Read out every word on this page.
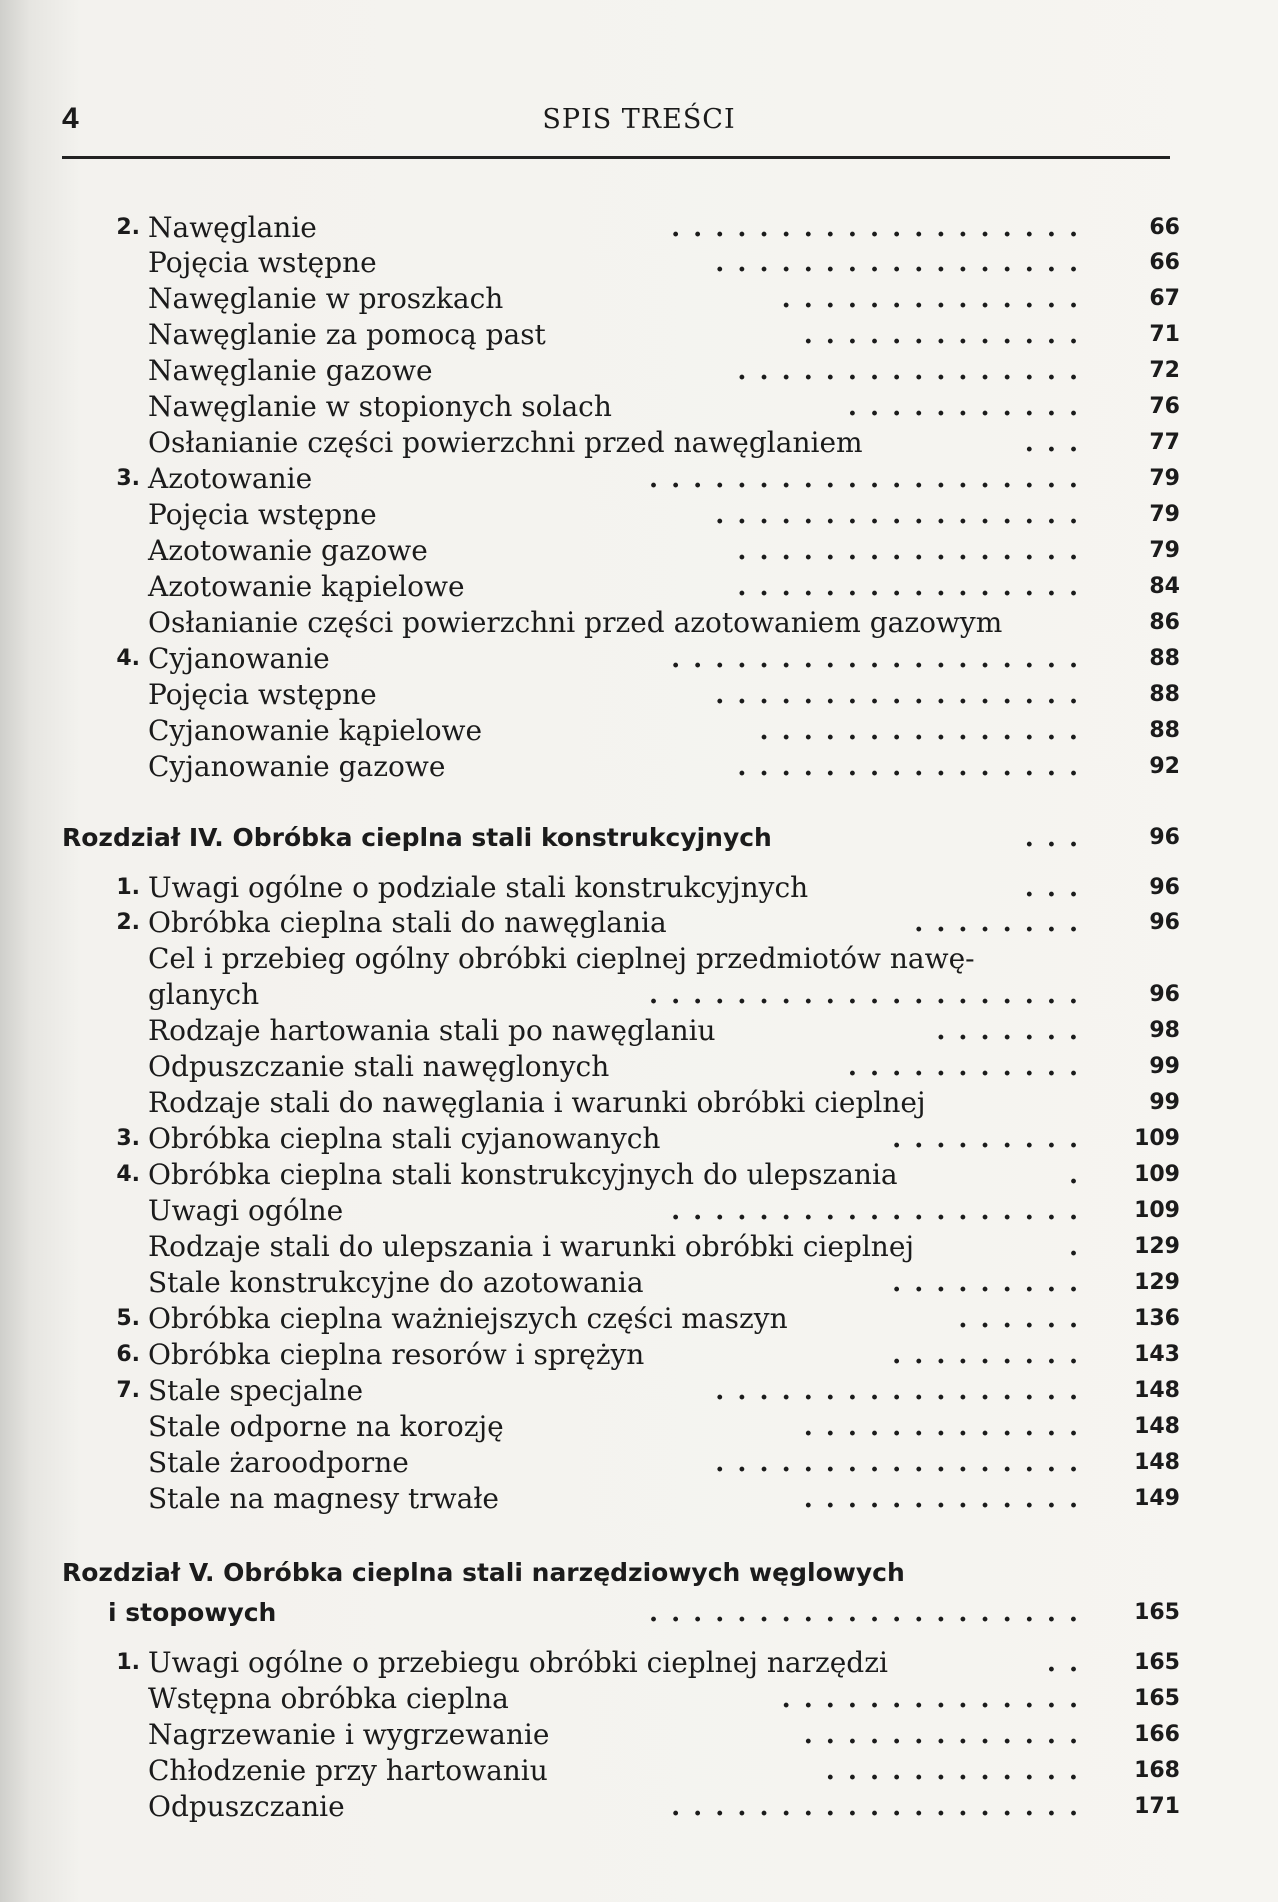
4	SPIS TREŚCI
2. Nawęglanie	. . . . . . . . . . . . . . . . . . .	66
Pojęcia wstępne	. . . . . . . . . . . . . . . . .	66
Nawęglanie w proszkach	. . . . . . . . . . . . . .	67
Nawęglanie za pomocą past	. . . . . . . . . . . . .	71
Nawęglanie gazowe	. . . . . . . . . . . . . . . .	72
Nawęglanie w stopionych solach	. . . . . . . . . . .	76
Osłanianie części powierzchni przed nawęglaniem	. . .	77
3. Azotowanie	. . . . . . . . . . . . . . . . . . . .	79
Pojęcia wstępne	. . . . . . . . . . . . . . . . .	79
Azotowanie gazowe	. . . . . . . . . . . . . . . .	79
Azotowanie kąpielowe	. . . . . . . . . . . . . . . .	84
Osłanianie części powierzchni przed azotowaniem gazowym	86
4. Cyjanowanie	. . . . . . . . . . . . . . . . . . .	88
Pojęcia wstępne	. . . . . . . . . . . . . . . . .	88
Cyjanowanie kąpielowe	. . . . . . . . . . . . . . .	88
Cyjanowanie gazowe	. . . . . . . . . . . . . . . .	92
Rozdział IV. Obróbka cieplna stali konstrukcyjnych	. . .	96
1. Uwagi ogólne o podziale stali konstrukcyjnych	. . .	96
2. Obróbka cieplna stali do nawęglania	. . . . . . . .	96
Cel i przebieg ogólny obróbki cieplnej przedmiotów nawę-
glanych	. . . . . . . . . . . . . . . . . . . .	96
Rodzaje hartowania stali po nawęglaniu	. . . . . . .	98
Odpuszczanie stali nawęglonych	. . . . . . . . . . .	99
Rodzaje stali do nawęglania i warunki obróbki cieplnej	99
3. Obróbka cieplna stali cyjanowanych	. . . . . . . . .	109
4. Obróbka cieplna stali konstrukcyjnych do ulepszania	.	109
Uwagi ogólne	. . . . . . . . . . . . . . . . . . .	109
Rodzaje stali do ulepszania i warunki obróbki cieplnej	.	129
Stale konstrukcyjne do azotowania	. . . . . . . . .	129
5. Obróbka cieplna ważniejszych części maszyn	. . . . . .	136
6. Obróbka cieplna resorów i sprężyn	. . . . . . . . .	143
7. Stale specjalne	. . . . . . . . . . . . . . . . .	148
Stale odporne na korozję	. . . . . . . . . . . . .	148
Stale żaroodporne	. . . . . . . . . . . . . . . . .	148
Stale na magnesy trwałe	. . . . . . . . . . . . .	149
Rozdział V. Obróbka cieplna stali narzędziowych węglowych
i stopowych	. . . . . . . . . . . . . . . . . . . .	165
1. Uwagi ogólne o przebiegu obróbki cieplnej narzędzi	. .	165
Wstępna obróbka cieplna	. . . . . . . . . . . . . .	165
Nagrzewanie i wygrzewanie	. . . . . . . . . . . . .	166
Chłodzenie przy hartowaniu	. . . . . . . . . . . .	168
Odpuszczanie	. . . . . . . . . . . . . . . . . . .	171
